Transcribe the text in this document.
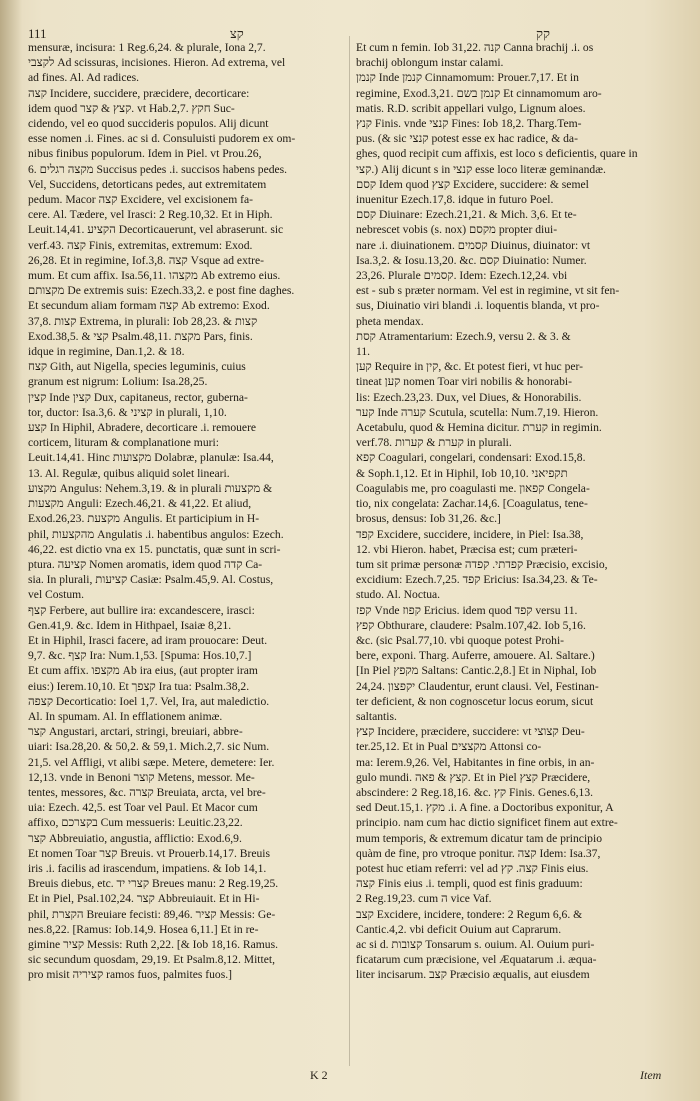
111	קצ	קק
mensuræ, incisura: 1 Reg.6,24. & plurale, Iona 2,7.
לקצבי Ad scissuras, incisiones. Hieron. Ad extrema, vel
ad fines. Al. Ad radices.
קצה Incidere, succidere, præcidere, decorticare:
idem quod קצץ & קצר. vt Hab.2,7. חקץ Suc-
cidendo, vel eo quod succideris populos. Alij dicunt
esse nomen .i. Fines. ac si d. Consuluisti pudorem ex om-
nibus finibus populorum. Idem in Piel. vt Prou.26,
6. מקצה רגלים Succisus pedes .i. succisos habens pedes.
Vel, Succidens, detorticans pedes, aut extremitatem
pedum. Macor קצה Excidere, vel excisionem fa-
cere. Al. Tædere, vel Irasci: 2 Reg.10,32. Et in Hiph.
Leuit.14,41. הקציע Decorticauerunt, vel abraserunt. sic
verf.43. קצה Finis, extremitas, extremum: Exod.
26,28. Et in regimine, Iof.3,8. קצה Vsque ad extre-
mum. Et cum affix. Isa.56,11. מקצהו Ab extremo eius.
מקצותם De extremis suis: Ezech.33,2. e post fine daghes.
Et secundum aliam formam קצה Ab extremo: Exod.
37,8. קצות Extrema, in plurali: Iob 28,23. & קצות
Exod.38,5. & קצי Psalm.48,11. מקצת Pars, finis.
idque in regimine, Dan.1,2. & 18.
קצח Gith, aut Nigella, species leguminis, cuius
granum est nigrum: Lolium: Isa.28,25.
קצין Inde קצין Dux, capitaneus, rector, guberna-
tor, ductor: Isa.3,6. & קציני in plurali, 1,10.
קצע In Hiphil, Abradere, decorticare .i. remouere
corticem, lituram & complanatione muri:
Leuit.14,41. Hinc מקצועות Dolabræ, planulæ: Isa.44,
13. Al. Regulæ, quibus aliquid solet lineari.
מקצוע Angulus: Nehem.3,19. & in plurali מקצעות &
מקצעות Anguli: Ezech.46,21. & 41,22. Et aliud,
Exod.26,23. מקצעת Angulis. Et participium in H-
phil, מהקצעות Angulatis .i. habentibus angulos: Ezech.
46,22. est dictio vna ex 15. punctatis, quæ sunt in scri-
ptura. קציעה Nomen aromatis, idem quod קדה Ca-
sia. In plurali, קציעות Casiæ: Psalm.45,9. Al. Costus,
vel Costum.
קצף Ferbere, aut bullire ira: excandescere, irasci:
Gen.41,9. &c. Idem in Hithpael, Isaiæ 8,21.
Et in Hiphil, Irasci facere, ad iram prouocare: Deut.
9,7. &c. קצף Ira: Num.1,53. [Spuma: Hos.10,7.]
Et cum affix. מקצפו Ab ira eius, (aut propter iram
eius:) Ierem.10,10. Et קצפך Ira tua: Psalm.38,2.
קצפה Decorticatio: Ioel 1,7. Vel, Ira, aut maledictio.
Al. In spumam. Al. In efflationem animæ.
קצר Angustari, arctari, stringi, breuiari, abbre-
uiari: Isa.28,20. & 50,2. & 59,1. Mich.2,7. sic Num.
21,5. vel Affligi, vt alibi sæpe. Metere, demetere: Ier.
12,13. vnde in Benoni קוצר Metens, messor. Me-
tentes, messores, &c. קצרה Breuiata, arcta, vel bre-
uia: Ezech. 42,5. est Toar vel Paul. Et Macor cum
affixo, בקצרכם Cum messueris: Leuitic.23,22.
קצר Abbreuiatio, angustia, afflictio: Exod.6,9.
Et nomen Toar קצר Breuis. vt Prouerb.14,17. Breuis
iris .i. facilis ad irascendum, impatiens. & Iob 14,1.
Breuis diebus, etc. קצרי יד Breues manu: 2 Reg.19,25.
Et in Piel, Psal.102,24. קצר Abbreuiauit. Et in Hi-
phil, הקצרת Breuiare fecisti: 89,46. קציר Messis: Ge-
nes.8,22. [Ramus: Iob.14,9. Hosea 6,11.] Et in re-
gimine קציר Messis: Ruth 2,22. [& Iob 18,16. Ramus.
sic secundum quosdam, 29,19. Et Psalm.8,12. Mittet,
pro misit קציריה ramos fuos, palmites fuos.]
Et cum n femin. Iob 31,22. קנה Canna brachij .i. os
brachij oblongum instar calami.
קנמן Inde קנמן Cinnamomum: Prouer.7,17. Et in
regimine, Exod.3,21. קנמן בשם Et cinnamomum aro-
matis. R.D. scribit appellari vulgo, Lignum aloes.
קנץ Finis. vnde קנצי Fines: Iob 18,2. Tharg.Tem-
pus. (& sic קנצי potest esse ex hac radice, & da-
ghes, quod recipit cum affixis, est loco s deficientis, quare in
קצי.) Alij dicunt s in קנצי esse loco literæ geminandæ.
קסם Idem quod קצץ Excidere, succidere: & semel
inuenitur Ezech.17,8. idque in futuro Poel.
קסם Diuinare: Ezech.21,21. & Mich. 3,6. Et te-
nebrescet vobis (s. nox) מקסם propter diui-
nare .i. diuinationem. קסמים Diuinus, diuinator: vt
Isa.3,2. & Iosu.13,20. &c. קסם Diuinatio: Numer.
23,26. Plurale קסמים. Idem: Ezech.12,24. vbi
est - sub s præter normam. Vel est in regimine, vt sit fen-
sus, Diuinatio viri blandi .i. loquentis blanda, vt pro-
pheta mendax.
קסת Atramentarium: Ezech.9, versu 2. & 3. &
11.
קען Require in קין, &c. Et potest fieri, vt huc per-
tineat קען nomen Toar viri nobilis & honorabi-
lis: Ezech.23,23. Dux, vel Diues, & Honorabilis.
קער Inde קערה Scutula, scutella: Num.7,19. Hieron.
Acetabulu, quod & Hemina dicitur. קערת in regimin.
verf.78. קערת & קערות in plurali.
קפא Coagulari, congelari, condensari: Exod.15,8.
& Soph.1,12. Et in Hiphil, Iob 10,10. תקפיאני
Coagulabis me, pro coagulasti me. קפאון Congela-
tio, nix congelata: Zachar.14,6. [Coagulatus, tene-
brosus, densus: Iob 31,26. &c.]
קפד Excidere, succidere, incidere, in Piel: Isa.38,
12. vbi Hieron. habet, Præcisa est; cum præteri-
tum sit primæ personæ קפדתי. קפדה Præcisio, excisio,
excidium: Ezech.7,25. קפד Ericius: Isa.34,23. & Te-
studo. Al. Noctua.
קפז Vnde קפוז Ericius. idem quod קפד versu 11.
קפץ Obthurare, claudere: Psalm.107,42. Iob 5,16.
&c. (sic Psal.77,10. vbi quoque potest Prohi-
bere, exponi. Tharg. Auferre, amouere. Al. Saltare.)
[In Piel מקפץ Saltans: Cantic.2,8.] Et in Niphal, Iob
24,24. יקפצון Claudentur, erunt clausi. Vel, Festinan-
ter deficient, & non cognoscetur locus eorum, sicut
saltantis.
קצץ Incidere, præcidere, succidere: vt קצוצי Deu-
ter.25,12. Et in Pual מקצצים Attonsi co-
ma: Ierem.9,26. Vel, Habitantes in fine orbis, in an-
gulo mundi. קצץ & פאה. Et in Piel קצץ Præcidere,
abscindere: 2 Reg.18,16. &c. קץ Finis. Genes.6,13.
sed Deut.15,1. מקץ .i. A fine. a Doctoribus exponitur, A
principio. nam cum hac dictio significet finem aut extre-
mum temporis, & extremum dicatur tam de principio
quàm de fine, pro vtroque ponitur. קצה Idem: Isa.37,
potest huc etiam referri: vel ad קצה. קץ Finis eius.
קצה Finis eius .i. templi, quod est finis graduum:
2 Reg.19,23. cum ה vice Vaf.
קצב Excidere, incidere, tondere: 2 Regum 6,6. &
Cantic.4,2. vbi deficit Ouium aut Caprarum.
ac si d. קצובות Tonsarum s. ouium. Al. Ouium puri-
ficatarum cum præcisione, vel Æquatarum .i. æqua-
liter incisarum. קצב Præcisio æqualis, aut eiusdem
K 2	Item
